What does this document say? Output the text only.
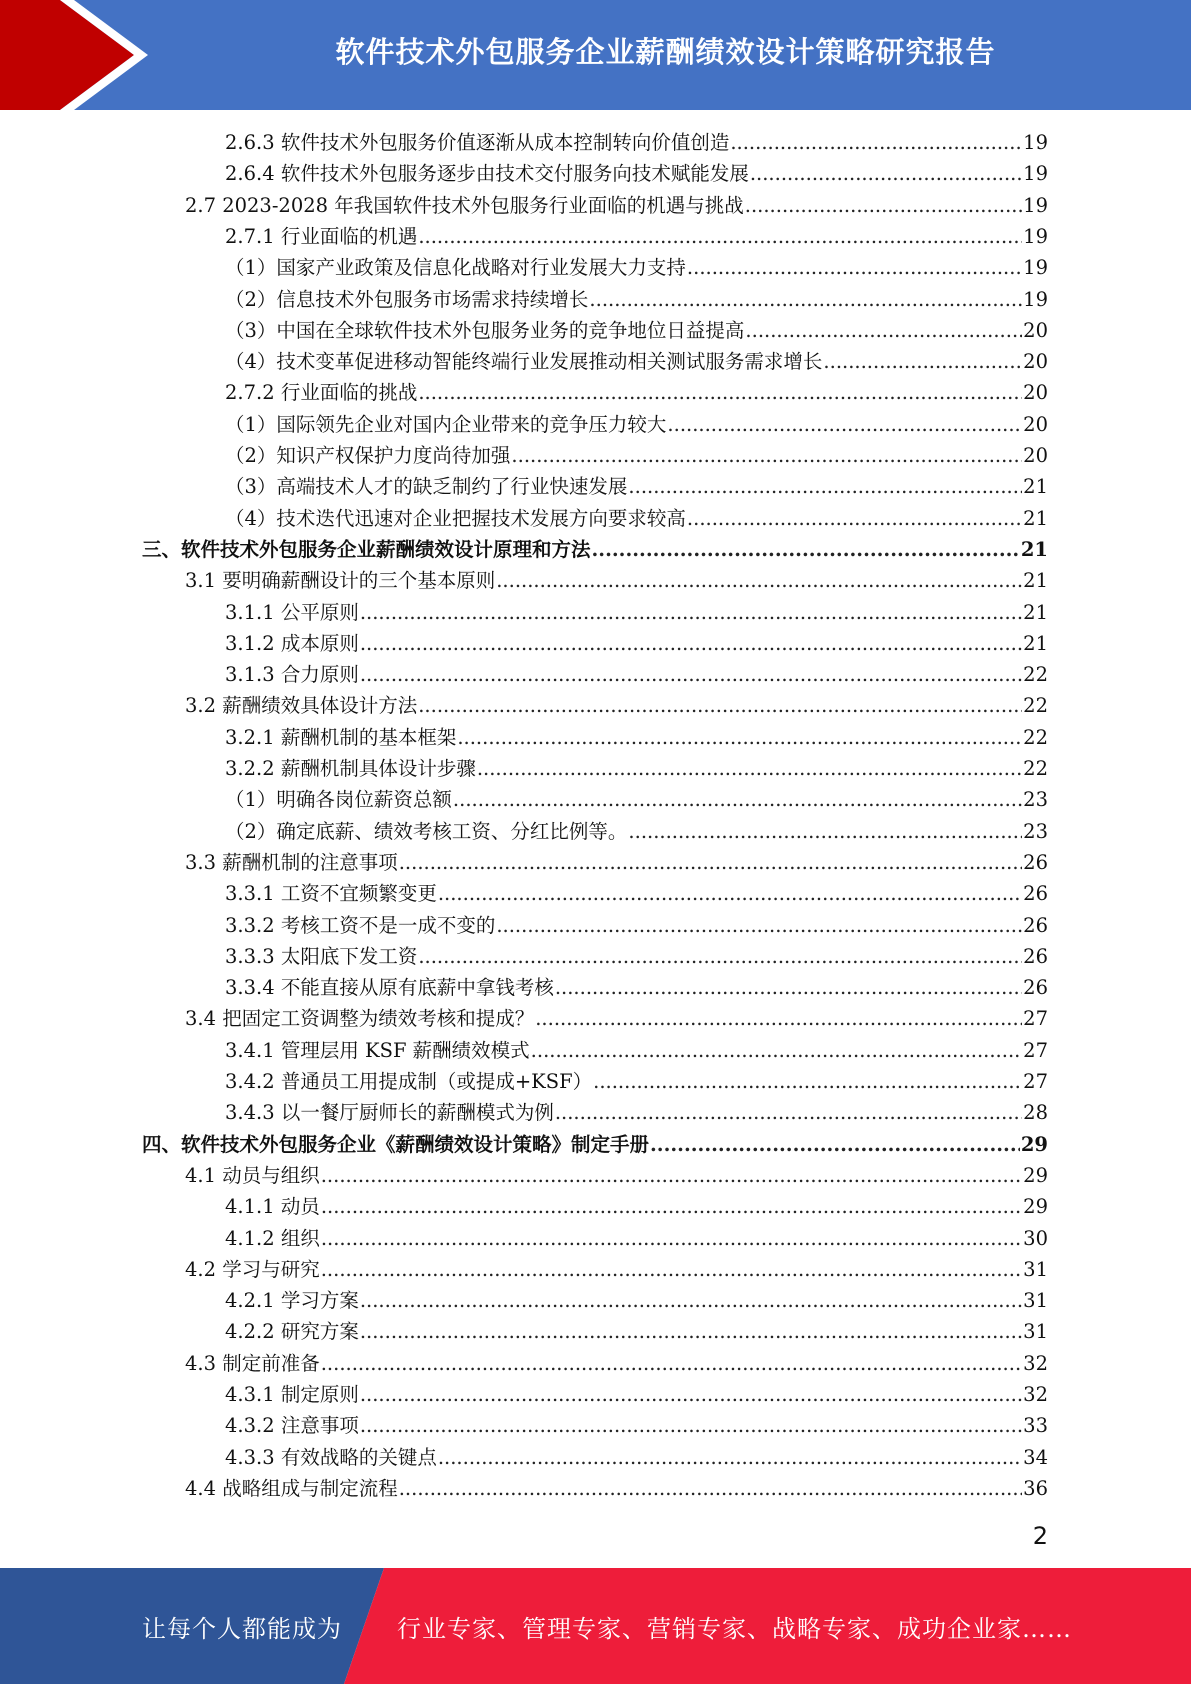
软件技术外包服务企业薪酬绩效设计策略研究报告
2.6.3 软件技术外包服务价值逐渐从成本控制转向价值创造 .....	19
2.6.4 软件技术外包服务逐步由技术交付服务向技术赋能发展 .....	19
2.7 2023-2028 年我国软件技术外包服务行业面临的机遇与挑战 .....	19
2.7.1 行业面临的机遇 .....	19
（1）国家产业政策及信息化战略对行业发展大力支持 .....	19
（2）信息技术外包服务市场需求持续增长 .....	19
（3）中国在全球软件技术外包服务业务的竞争地位日益提高 .....	20
（4）技术变革促进移动智能终端行业发展推动相关测试服务需求增长 .....	20
2.7.2 行业面临的挑战 .....	20
（1）国际领先企业对国内企业带来的竞争压力较大 .....	20
（2）知识产权保护力度尚待加强 .....	20
（3）高端技术人才的缺乏制约了行业快速发展 .....	21
（4）技术迭代迅速对企业把握技术发展方向要求较高 .....	21
三、软件技术外包服务企业薪酬绩效设计原理和方法 .....	21
3.1 要明确薪酬设计的三个基本原则 .....	21
3.1.1 公平原则 .....	21
3.1.2 成本原则 .....	21
3.1.3 合力原则 .....	22
3.2 薪酬绩效具体设计方法 .....	22
3.2.1 薪酬机制的基本框架 .....	22
3.2.2 薪酬机制具体设计步骤 .....	22
（1）明确各岗位薪资总额 .....	23
（2）确定底薪、绩效考核工资、分红比例等。 .....	23
3.3 薪酬机制的注意事项 .....	26
3.3.1 工资不宜频繁变更 .....	26
3.3.2 考核工资不是一成不变的 .....	26
3.3.3 太阳底下发工资 .....	26
3.3.4 不能直接从原有底薪中拿钱考核 .....	26
3.4 把固定工资调整为绩效考核和提成？ .....	27
3.4.1 管理层用 KSF 薪酬绩效模式 .....	27
3.4.2 普通员工用提成制（或提成+KSF） .....	27
3.4.3 以一餐厅厨师长的薪酬模式为例 .....	28
四、软件技术外包服务企业《薪酬绩效设计策略》制定手册 .....	29
4.1 动员与组织 .....	29
4.1.1 动员 .....	29
4.1.2 组织 .....	30
4.2 学习与研究 .....	31
4.2.1 学习方案 .....	31
4.2.2 研究方案 .....	31
4.3 制定前准备 .....	32
4.3.1 制定原则 .....	32
4.3.2 注意事项 .....	33
4.3.3 有效战略的关键点 .....	34
4.4 战略组成与制定流程 .....	36
2
让每个人都能成为 行业专家、管理专家、营销专家、战略专家、成功企业家……
